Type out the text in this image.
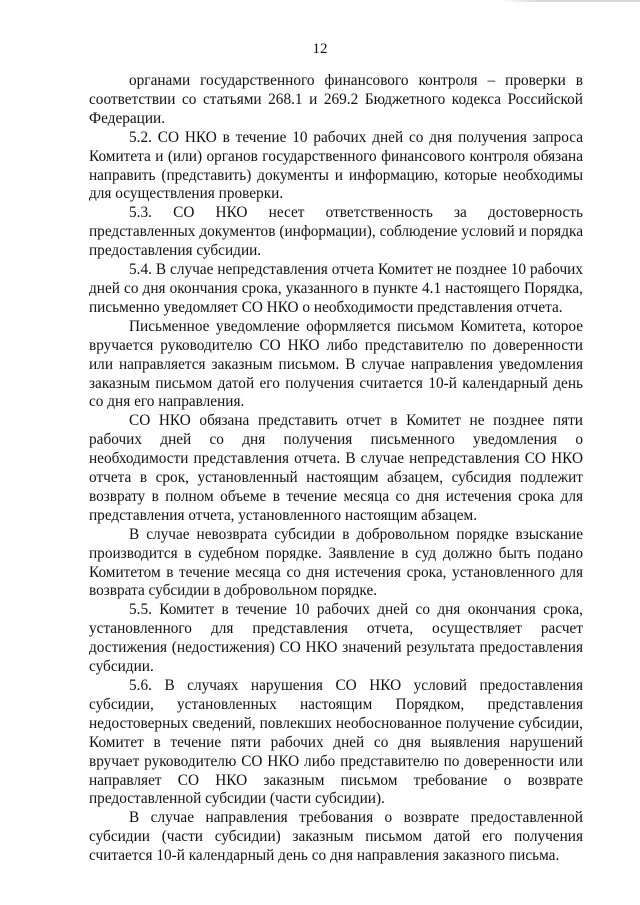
12

органами государственного финансового контроля – проверки в соответствии со статьями 268.1 и 269.2 Бюджетного кодекса Российской Федерации.

5.2. СО НКО в течение 10 рабочих дней со дня получения запроса Комитета и (или) органов государственного финансового контроля обязана направить (представить) документы и информацию, которые необходимы для осуществления проверки.

5.3. СО НКО несет ответственность за достоверность представленных документов (информации), соблюдение условий и порядка предоставления субсидии.

5.4. В случае непредставления отчета Комитет не позднее 10 рабочих дней со дня окончания срока, указанного в пункте 4.1 настоящего Порядка, письменно уведомляет СО НКО о необходимости представления отчета.

Письменное уведомление оформляется письмом Комитета, которое вручается руководителю СО НКО либо представителю по доверенности или направляется заказным письмом. В случае направления уведомления заказным письмом датой его получения считается 10-й календарный день со дня его направления.

СО НКО обязана представить отчет в Комитет не позднее пяти рабочих дней со дня получения письменного уведомления о необходимости представления отчета. В случае непредставления СО НКО отчета в срок, установленный настоящим абзацем, субсидия подлежит возврату в полном объеме в течение месяца со дня истечения срока для представления отчета, установленного настоящим абзацем.

В случае невозврата субсидии в добровольном порядке взыскание производится в судебном порядке. Заявление в суд должно быть подано Комитетом в течение месяца со дня истечения срока, установленного для возврата субсидии в добровольном порядке.

5.5. Комитет в течение 10 рабочих дней со дня окончания срока, установленного для представления отчета, осуществляет расчет достижения (недостижения) СО НКО значений результата предоставления субсидии.

5.6. В случаях нарушения СО НКО условий предоставления субсидии, установленных настоящим Порядком, представления недостоверных сведений, повлекших необоснованное получение субсидии, Комитет в течение пяти рабочих дней со дня выявления нарушений вручает руководителю СО НКО либо представителю по доверенности или направляет СО НКО заказным письмом требование о возврате предоставленной субсидии (части субсидии).

В случае направления требования о возврате предоставленной субсидии (части субсидии) заказным письмом датой его получения считается 10-й календарный день со дня направления заказного письма.
